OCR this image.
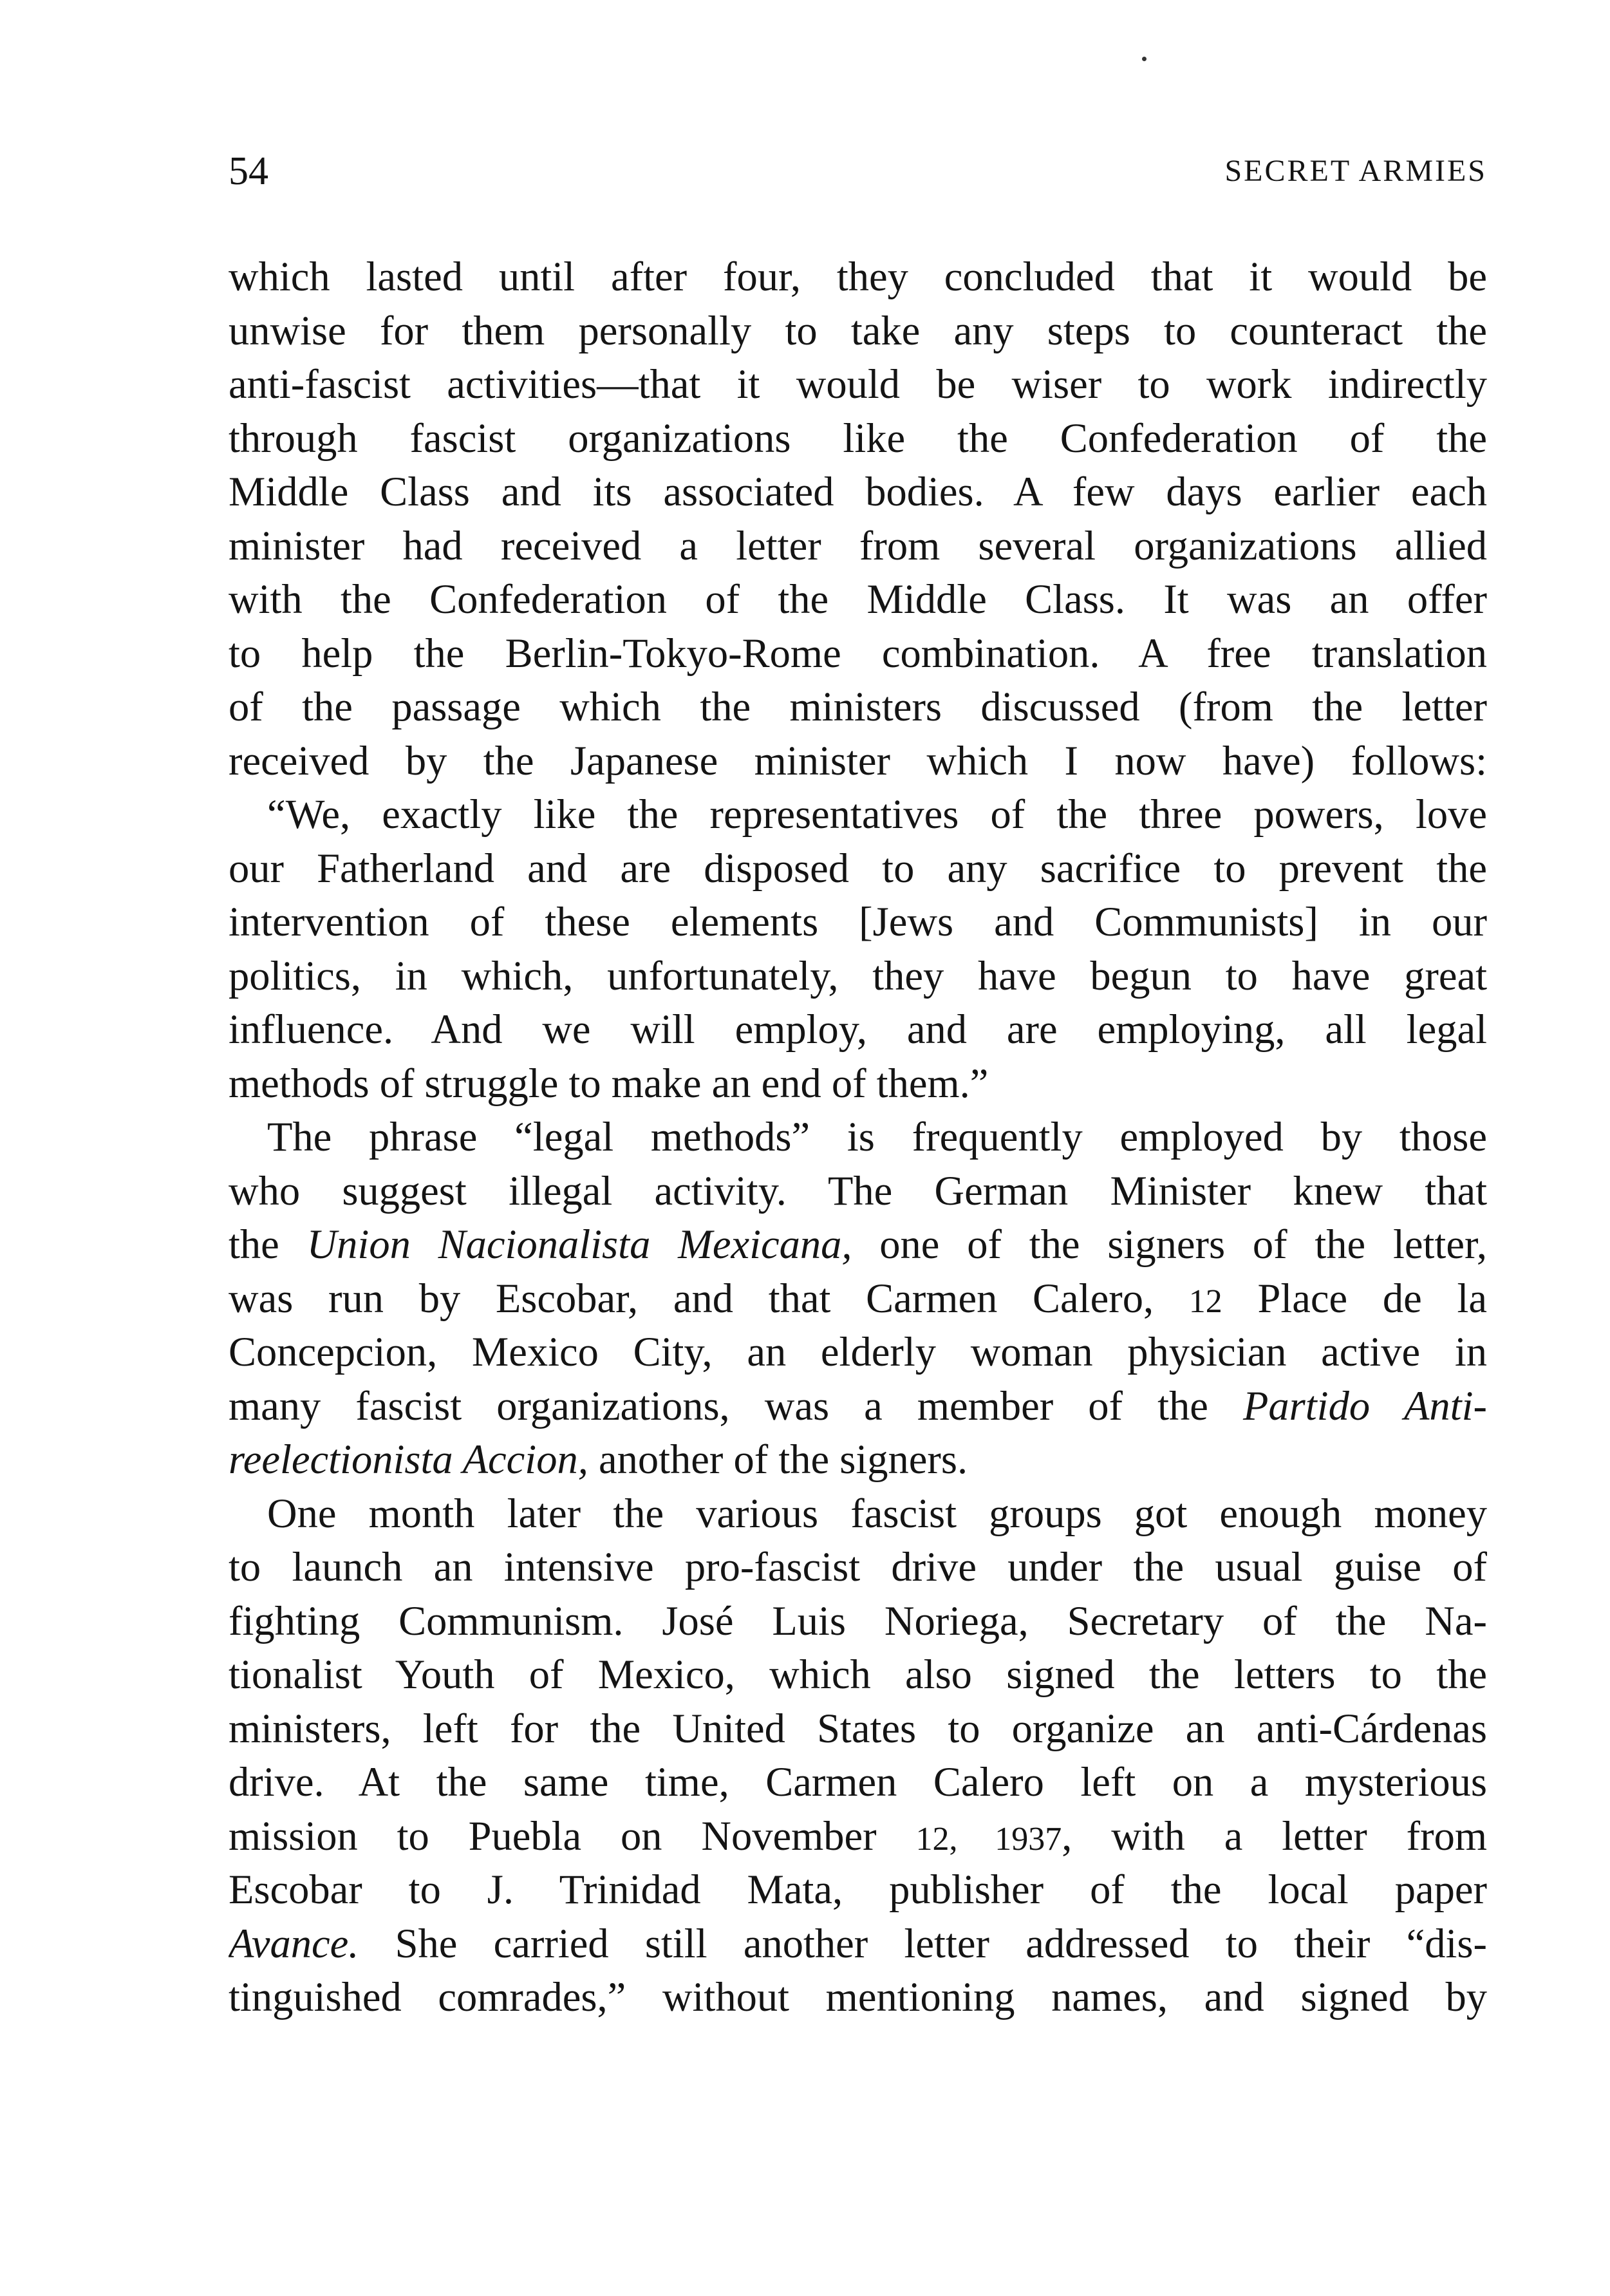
54	SECRET ARMIES
which lasted until after four, they concluded that it would be
unwise for them personally to take any steps to counteract the
anti-fascist activities—that it would be wiser to work indirectly
through fascist organizations like the Confederation of the
Middle Class and its associated bodies. A few days earlier each
minister had received a letter from several organizations allied
with the Confederation of the Middle Class. It was an offer
to help the Berlin-Tokyo-Rome combination. A free translation
of the passage which the ministers discussed (from the letter
received by the Japanese minister which I now have) follows:
“We, exactly like the representatives of the three powers, love
our Fatherland and are disposed to any sacrifice to prevent the
intervention of these elements [Jews and Communists] in our
politics, in which, unfortunately, they have begun to have great
influence. And we will employ, and are employing, all legal
methods of struggle to make an end of them.”
The phrase “legal methods” is frequently employed by those
who suggest illegal activity. The German Minister knew that
the Union Nacionalista Mexicana, one of the signers of the letter,
was run by Escobar, and that Carmen Calero, 12 Place de la
Concepcion, Mexico City, an elderly woman physician active in
many fascist organizations, was a member of the Partido Anti-
reelectionista Accion, another of the signers.
One month later the various fascist groups got enough money
to launch an intensive pro-fascist drive under the usual guise of
fighting Communism. José Luis Noriega, Secretary of the Na-
tionalist Youth of Mexico, which also signed the letters to the
ministers, left for the United States to organize an anti-Cárdenas
drive. At the same time, Carmen Calero left on a mysterious
mission to Puebla on November 12, 1937, with a letter from
Escobar to J. Trinidad Mata, publisher of the local paper
Avance. She carried still another letter addressed to their “dis-
tinguished comrades,” without mentioning names, and signed by
